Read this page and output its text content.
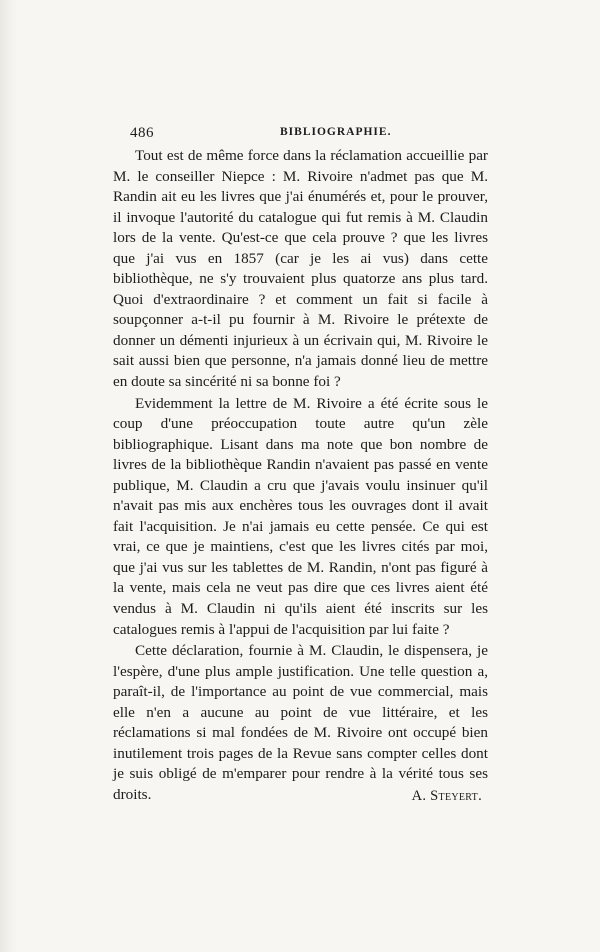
486	BIBLIOGRAPHIE.

Tout est de même force dans la réclamation accueillie par M. le conseiller Niepce : M. Rivoire n'admet pas que M. Randin ait eu les livres que j'ai énumérés et, pour le prouver, il invoque l'autorité du catalogue qui fut remis à M. Claudin lors de la vente. Qu'est-ce que cela prouve ? que les livres que j'ai vus en 1857 (car je les ai vus) dans cette bibliothèque, ne s'y trouvaient plus quatorze ans plus tard. Quoi d'extraordinaire ? et comment un fait si facile à soupçonner a-t-il pu fournir à M. Rivoire le prétexte de donner un démenti injurieux à un écrivain qui, M. Rivoire le sait aussi bien que personne, n'a jamais donné lieu de mettre en doute sa sincérité ni sa bonne foi ?

Evidemment la lettre de M. Rivoire a été écrite sous le coup d'une préoccupation toute autre qu'un zèle bibliographique. Lisant dans ma note que bon nombre de livres de la bibliothèque Randin n'avaient pas passé en vente publique, M. Claudin a cru que j'avais voulu insinuer qu'il n'avait pas mis aux enchères tous les ouvrages dont il avait fait l'acquisition. Je n'ai jamais eu cette pensée. Ce qui est vrai, ce que je maintiens, c'est que les livres cités par moi, que j'ai vus sur les tablettes de M. Randin, n'ont pas figuré à la vente, mais cela ne veut pas dire que ces livres aient été vendus à M. Claudin ni qu'ils aient été inscrits sur les catalogues remis à l'appui de l'acquisition par lui faite ?

Cette déclaration, fournie à M. Claudin, le dispensera, je l'espère, d'une plus ample justification. Une telle question a, paraît-il, de l'importance au point de vue commercial, mais elle n'en a aucune au point de vue littéraire, et les réclamations si mal fondées de M. Rivoire ont occupé bien inutilement trois pages de la Revue sans compter celles dont je suis obligé de m'emparer pour rendre à la vérité tous ses droits.	A. Steyert.
